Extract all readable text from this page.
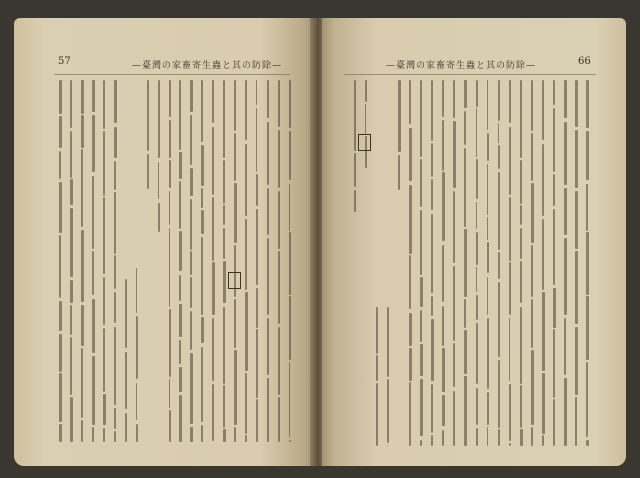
57	—臺灣の家畜寄生蟲と其の防除—
	—臺灣の家畜寄生蟲と其の防除—	66
